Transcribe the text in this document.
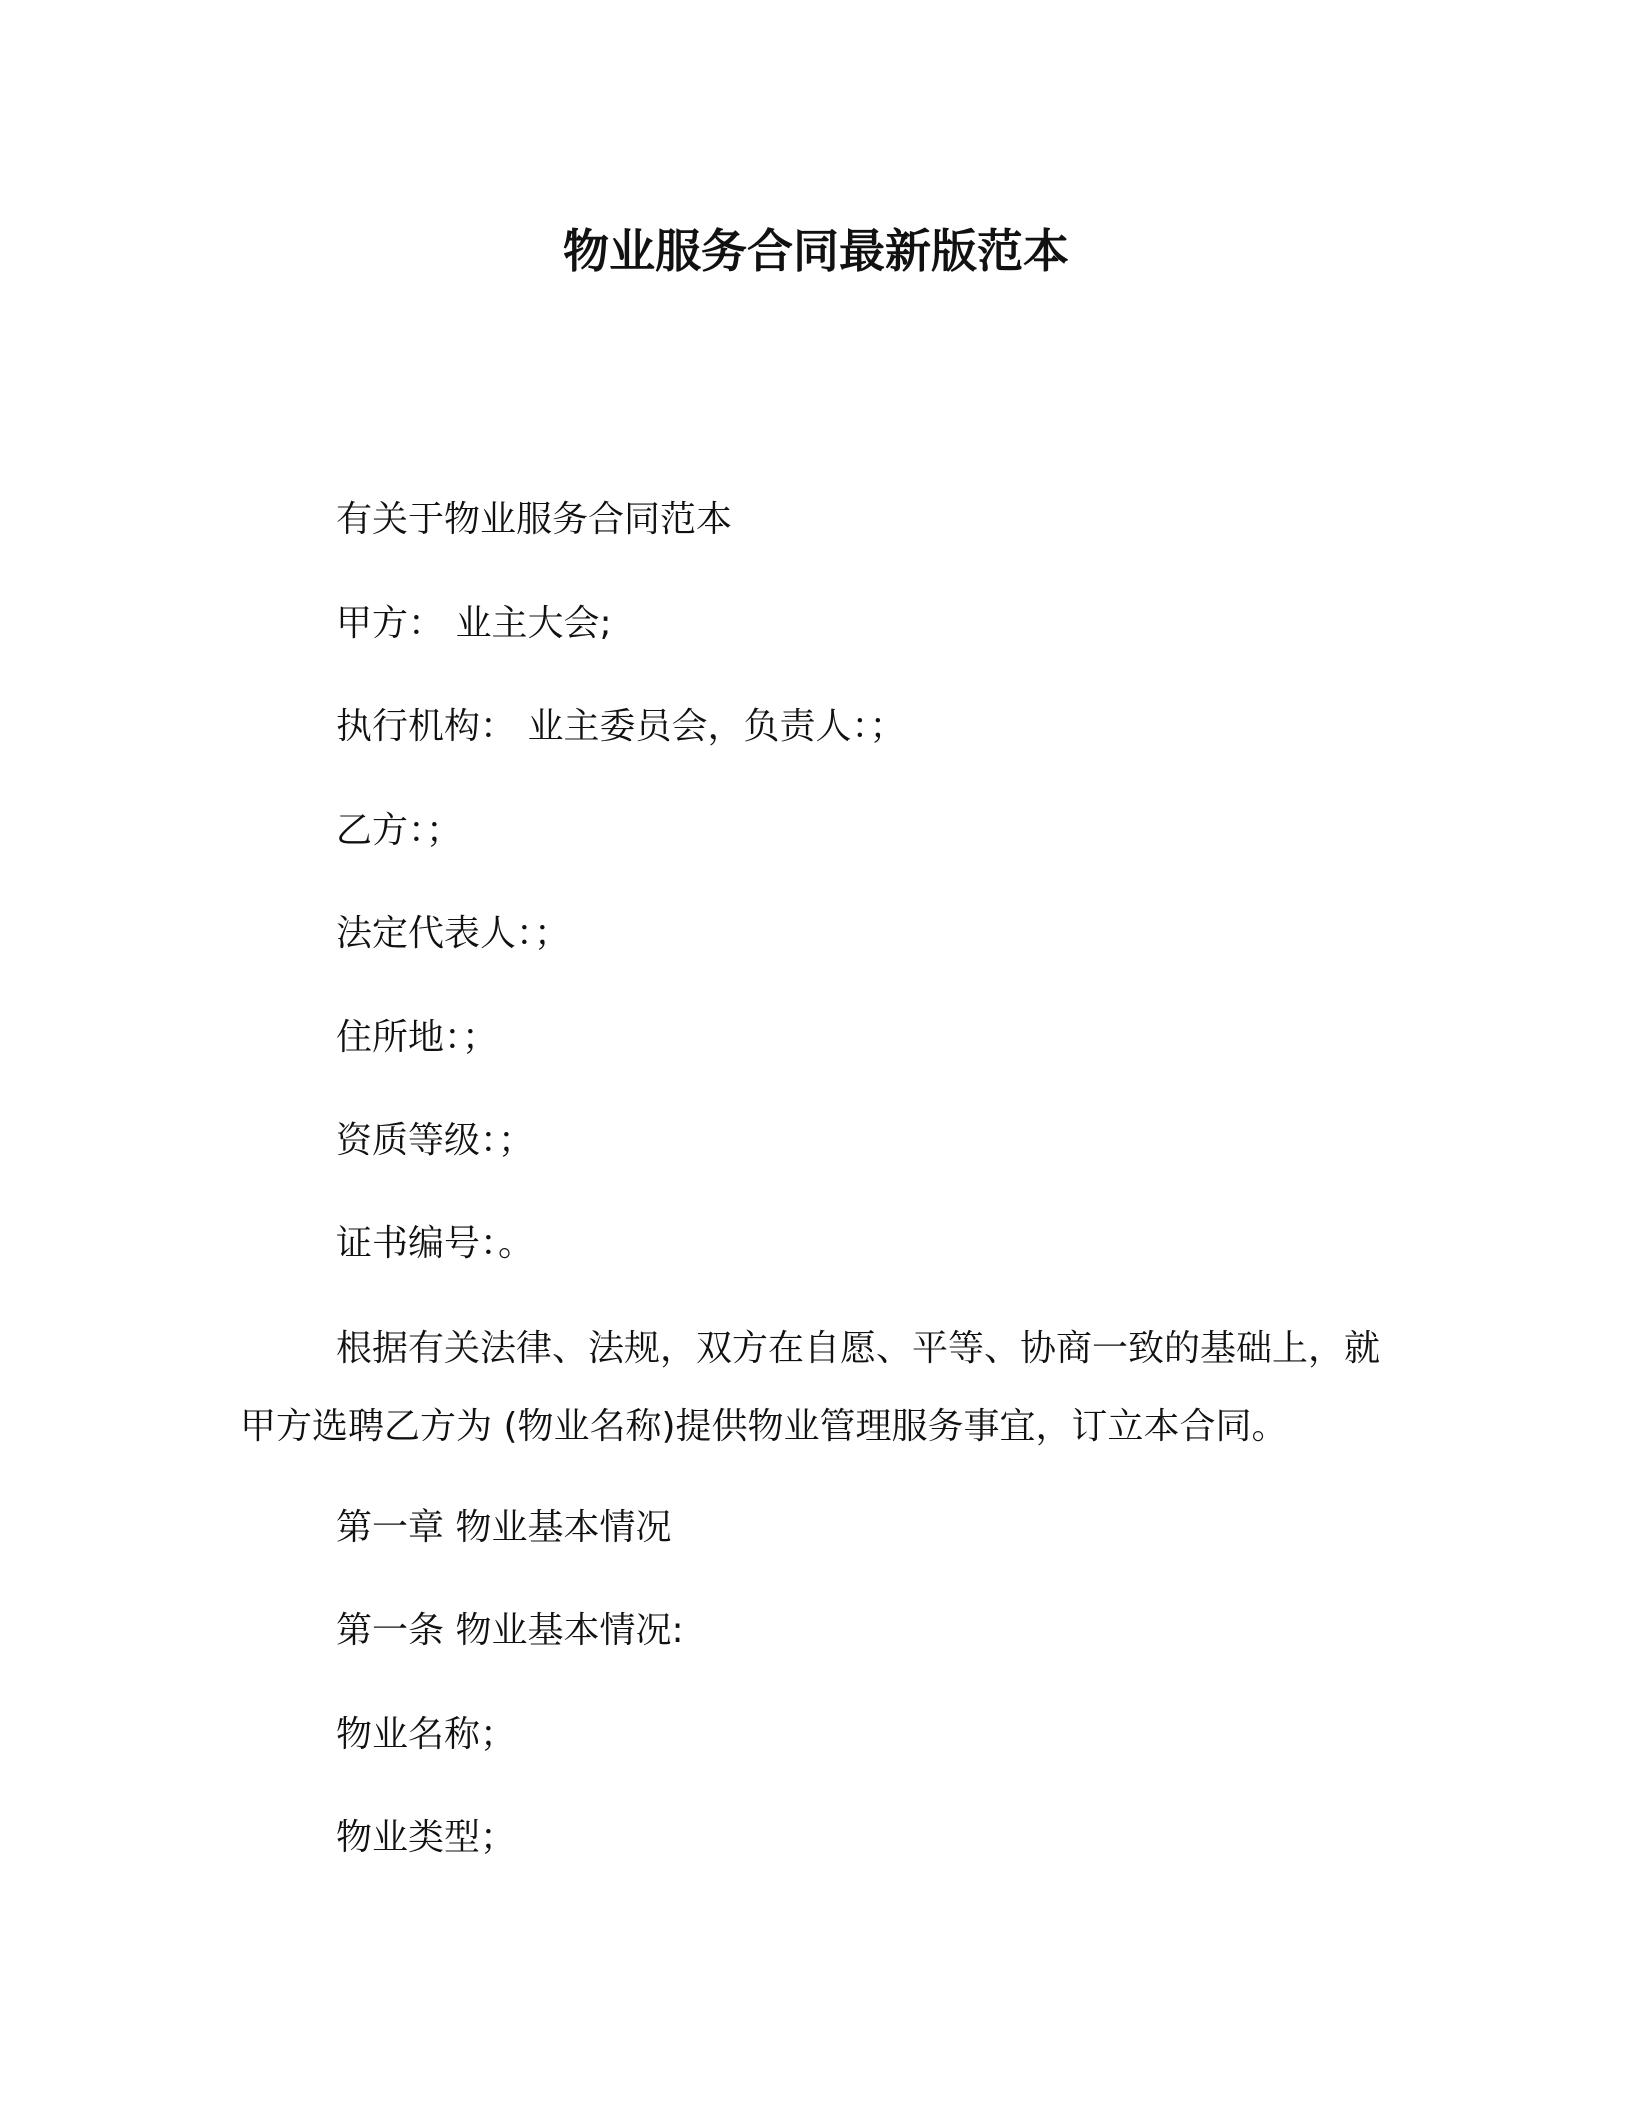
物业服务合同最新版范本
有关于物业服务合同范本
甲方： 业主大会;
执行机构： 业主委员会，负责人：；
乙方：；
法定代表人：；
住所地：；
资质等级：；
证书编号：。
根据有关法律、法规，双方在自愿、平等、协商一致的基础上，就甲方选聘乙方为 (物业名称)提供物业管理服务事宜，订立本合同。
第一章 物业基本情况
第一条 物业基本情况:
物业名称；
物业类型；
